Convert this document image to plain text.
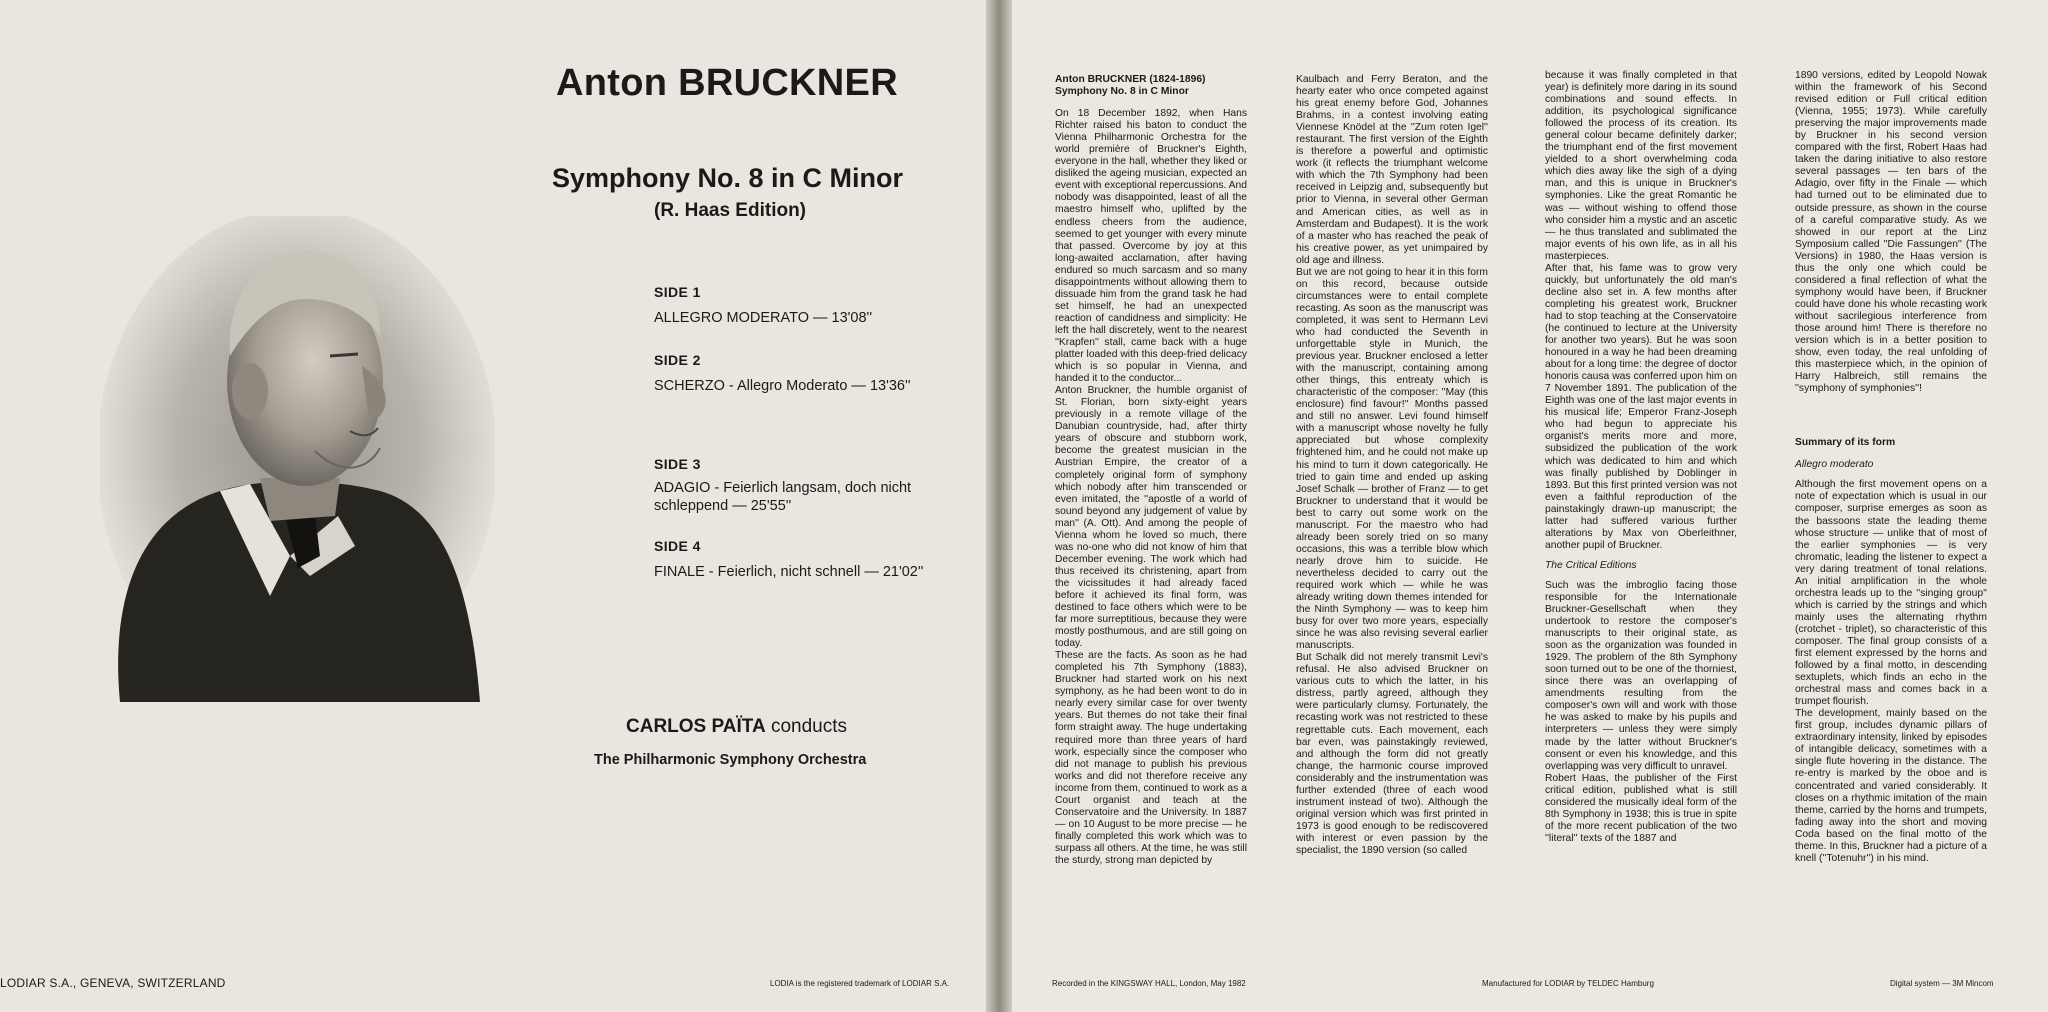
Anton BRUCKNER
Symphony No. 8 in C Minor
(R. Haas Edition)
SIDE 1
ALLEGRO MODERATO — 13'08''
SIDE 2
SCHERZO - Allegro Moderato — 13'36''
SIDE 3
ADAGIO - Feierlich langsam, doch nicht schleppend — 25'55''
SIDE 4
FINALE - Feierlich, nicht schnell — 21'02''
CARLOS PAÏTA conducts
The Philharmonic Symphony Orchestra
LODIAR S.A., GENEVA, SWITZERLAND	LODIA is the registered trademark of LODIAR S.A.

Anton BRUCKNER (1824-1896)

Symphony No. 8 in C Minor

On 18 December 1892, when Hans Richter raised his baton to conduct the Vienna Philharmonic Orchestra for the world première of Bruckner's Eighth, everyone in the hall, whether they liked or disliked the ageing musician, expected an event with exceptional repercussions. And nobody was disappointed, least of all the maestro himself who, uplifted by the endless cheers from the audience, seemed to get younger with every minute that passed. Overcome by joy at this long-awaited acclamation, after having endured so much sarcasm and so many disappointments without allowing them to dissuade him from the grand task he had set himself, he had an unexpected reaction of candidness and simplicity: He left the hall discretely, went to the nearest ''Krapfen'' stall, came back with a huge platter loaded with this deep-fried delicacy which is so popular in Vienna, and handed it to the conductor...

Anton Bruckner, the humble organist of St. Florian, born sixty-eight years previously in a remote village of the Danubian countryside, had, after thirty years of obscure and stubborn work, become the greatest musician in the Austrian Empire, the creator of a completely original form of symphony which nobody after him transcended or even imitated, the ''apostle of a world of sound beyond any judgement of value by man'' (A. Ott). And among the people of Vienna whom he loved so much, there was no-one who did not know of him that December evening. The work which had thus received its christening, apart from the vicissitudes it had already faced before it achieved its final form, was destined to face others which were to be far more surreptitious, because they were mostly posthumous, and are still going on today.

These are the facts. As soon as he had completed his 7th Symphony (1883), Bruckner had started work on his next symphony, as he had been wont to do in nearly every similar case for over twenty years. But themes do not take their final form straight away. The huge undertaking required more than three years of hard work, especially since the composer who did not manage to publish his previous works and did not therefore receive any income from them, continued to work as a Court organist and teach at the Conservatoire and the University. In 1887 — on 10 August to be more precise — he finally completed this work which was to surpass all others. At the time, he was still the sturdy, strong man depicted by

Kaulbach and Ferry Beraton, and the hearty eater who once competed against his great enemy before God, Johannes Brahms, in a contest involving eating Viennese Knödel at the ''Zum roten Igel'' restaurant. The first version of the Eighth is therefore a powerful and optimistic work (it reflects the triumphant welcome with which the 7th Symphony had been received in Leipzig and, subsequently but prior to Vienna, in several other German and American cities, as well as in Amsterdam and Budapest). It is the work of a master who has reached the peak of his creative power, as yet unimpaired by old age and illness.

But we are not going to hear it in this form on this record, because outside circumstances were to entail complete recasting. As soon as the manuscript was completed, it was sent to Hermann Levi who had conducted the Seventh in unforgettable style in Munich, the previous year. Bruckner enclosed a letter with the manuscript, containing among other things, this entreaty which is characteristic of the composer: ''May (this enclosure) find favour!'' Months passed and still no answer. Levi found himself with a manuscript whose novelty he fully appreciated but whose complexity frightened him, and he could not make up his mind to turn it down categorically. He tried to gain time and ended up asking Josef Schalk — brother of Franz — to get Bruckner to understand that it would be best to carry out some work on the manuscript. For the maestro who had already been sorely tried on so many occasions, this was a terrible blow which nearly drove him to suicide. He nevertheless decided to carry out the required work which — while he was already writing down themes intended for the Ninth Symphony — was to keep him busy for over two more years, especially since he was also revising several earlier manuscripts.

But Schalk did not merely transmit Levi's refusal. He also advised Bruckner on various cuts to which the latter, in his distress, partly agreed, although they were particularly clumsy. Fortunately, the recasting work was not restricted to these regrettable cuts. Each movement, each bar even, was painstakingly reviewed, and although the form did not greatly change, the harmonic course improved considerably and the instrumentation was further extended (three of each wood instrument instead of two). Although the original version which was first printed in 1973 is good enough to be rediscovered with interest or even passion by the specialist, the 1890 version (so called

because it was finally completed in that year) is definitely more daring in its sound combinations and sound effects. In addition, its psychological significance followed the process of its creation. Its general colour became definitely darker; the triumphant end of the first movement yielded to a short overwhelming coda which dies away like the sigh of a dying man, and this is unique in Bruckner's symphonies. Like the great Romantic he was — without wishing to offend those who consider him a mystic and an ascetic — he thus translated and sublimated the major events of his own life, as in all his masterpieces.

After that, his fame was to grow very quickly, but unfortunately the old man's decline also set in. A few months after completing his greatest work, Bruckner had to stop teaching at the Conservatoire (he continued to lecture at the University for another two years). But he was soon honoured in a way he had been dreaming about for a long time: the degree of doctor honoris causa was conferred upon him on 7 November 1891. The publication of the Eighth was one of the last major events in his musical life; Emperor Franz-Joseph who had begun to appreciate his organist's merits more and more, subsidized the publication of the work which was dedicated to him and which was finally published by Doblinger in 1893. But this first printed version was not even a faithful reproduction of the painstakingly drawn-up manuscript; the latter had suffered various further alterations by Max von Oberleithner, another pupil of Bruckner.

The Critical Editions

Such was the imbroglio facing those responsible for the Internationale Bruckner-Gesellschaft when they undertook to restore the composer's manuscripts to their original state, as soon as the organization was founded in 1929. The problem of the 8th Symphony soon turned out to be one of the thorniest, since there was an overlapping of amendments resulting from the composer's own will and work with those he was asked to make by his pupils and interpreters — unless they were simply made by the latter without Bruckner's consent or even his knowledge, and this overlapping was very difficult to unravel.

Robert Haas, the publisher of the First critical edition, published what is still considered the musically ideal form of the 8th Symphony in 1938; this is true in spite of the more recent publication of the two ''literal'' texts of the 1887 and

1890 versions, edited by Leopold Nowak within the framework of his Second revised edition or Full critical edition (Vienna, 1955; 1973). While carefully preserving the major improvements made by Bruckner in his second version compared with the first, Robert Haas had taken the daring initiative to also restore several passages — ten bars of the Adagio, over fifty in the Finale — which had turned out to be eliminated due to outside pressure, as shown in the course of a careful comparative study. As we showed in our report at the Linz Symposium called ''Die Fassungen'' (The Versions) in 1980, the Haas version is thus the only one which could be considered a final reflection of what the symphony would have been, if Bruckner could have done his whole recasting work without sacrilegious interference from those around him! There is therefore no version which is in a better position to show, even today, the real unfolding of this masterpiece which, in the opinion of Harry Halbreich, still remains the ''symphony of symphonies''!

Summary of its form

Allegro moderato

Although the first movement opens on a note of expectation which is usual in our composer, surprise emerges as soon as the bassoons state the leading theme whose structure — unlike that of most of the earlier symphonies — is very chromatic, leading the listener to expect a very daring treatment of tonal relations. An initial amplification in the whole orchestra leads up to the ''singing group'' which is carried by the strings and which mainly uses the alternating rhythm (crotchet - triplet), so characteristic of this composer. The final group consists of a first element expressed by the horns and followed by a final motto, in descending sextuplets, which finds an echo in the orchestral mass and comes back in a trumpet flourish.

The development, mainly based on the first group, includes dynamic pillars of extraordinary intensity, linked by episodes of intangible delicacy, sometimes with a single flute hovering in the distance. The re-entry is marked by the oboe and is concentrated and varied considerably. It closes on a rhythmic imitation of the main theme, carried by the horns and trumpets, fading away into the short and moving Coda based on the final motto of the theme. In this, Bruckner had a picture of a knell (''Totenuhr'') in his mind.

Recorded in the KINGSWAY HALL, London, May 1982	Manufactured for LODIAR by TELDEC Hamburg	Digital system — 3M Mincom
